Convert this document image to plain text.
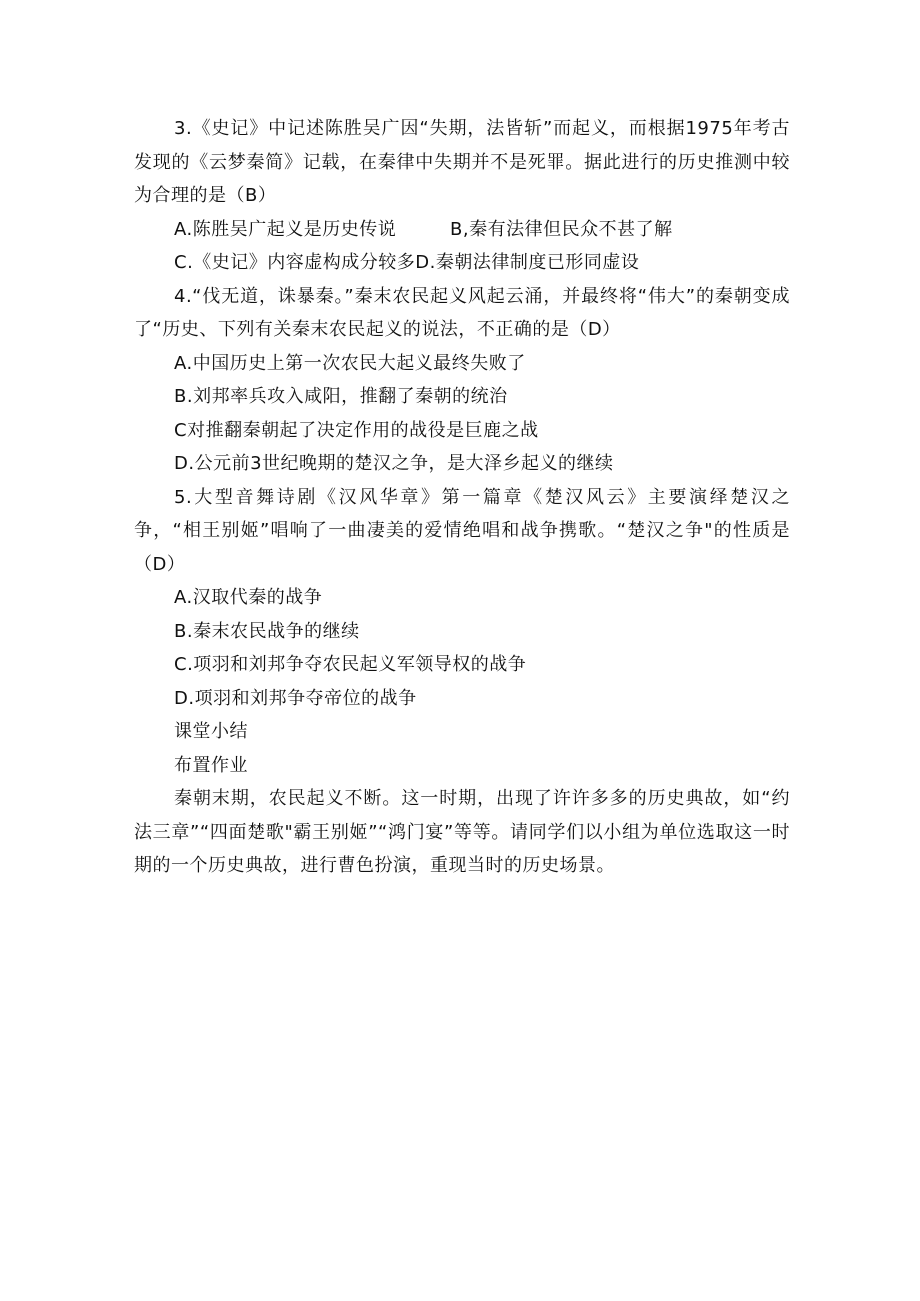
3.《史记》中记述陈胜吴广因“失期，法皆斩”而起义，而根据1975年考古发现的《云梦秦简》记载，在秦律中失期并不是死罪。据此进行的历史推测中较为合理的是（B）

A.陈胜吴广起义是历史传说	B,秦有法律但民众不甚了解

C.《史记》内容虚构成分较多D.秦朝法律制度已形同虚设

4.“伐无道，诛暴秦。”秦末农民起义风起云涌，并最终将“伟大”的秦朝变成了“历史、下列有关秦末农民起义的说法，不正确的是（D）

A.中国历史上第一次农民大起义最终失败了

B.刘邦率兵攻入咸阳，推翻了秦朝的统治

C对推翻秦朝起了决定作用的战役是巨鹿之战

D.公元前3世纪晚期的楚汉之争，是大泽乡起义的继续

5.大型音舞诗剧《汉风华章》第一篇章《楚汉风云》主要演绎楚汉之争，“相王别姬”唱响了一曲凄美的爱情绝唱和战争携歌。“楚汉之争"的性质是（D）

A.汉取代秦的战争

B.秦末农民战争的继续

C.项羽和刘邦争夺农民起义军领导权的战争

D.项羽和刘邦争夺帝位的战争

课堂小结

布置作业

秦朝末期，农民起义不断。这一时期，出现了许许多多的历史典故，如“约法三章”“四面楚歌"霸王别姬”“鸿门宴”等等。请同学们以小组为单位选取这一时期的一个历史典故，进行曹色扮演，重现当时的历史场景。
